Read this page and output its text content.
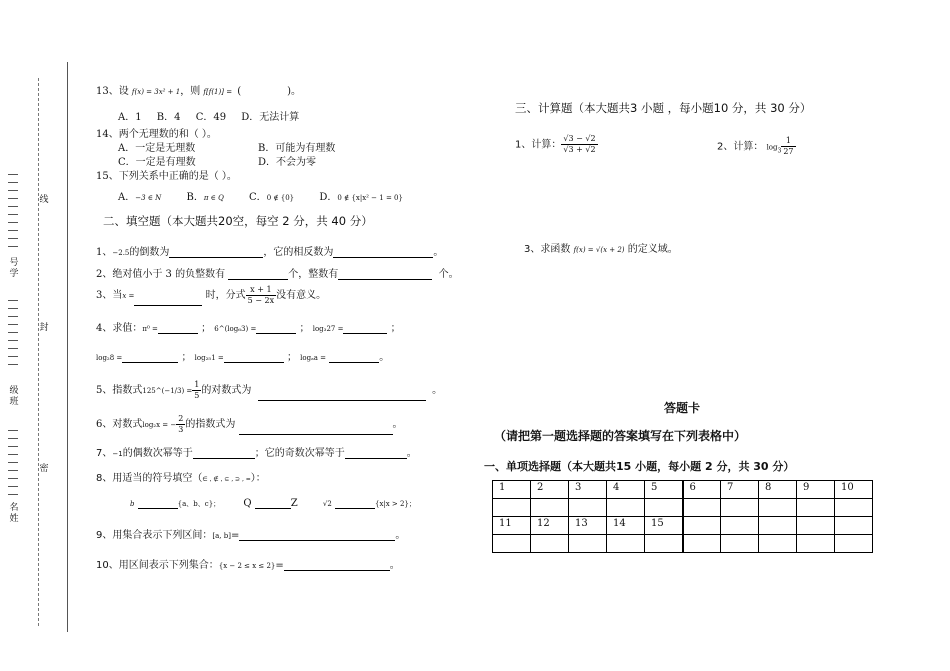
线
封
密
号学
级班
名姓
13、设 f(x) = 3x² + 1，则 f[f(1)] = (	)。
A．1 B．4 C．49 D．无法计算
14、两个无理数的和（ ）。
A．一定是无理数	B．可能为有理数
C．一定是有理数	D．不会为零
15、下列关系中正确的是（ ）。
A．−3 ∈ N	B．π ∈ Q	C．0 ∉ {0}	D．0 ∉ {x|x² − 1 = 0}
二、填空题（本大题共20空，每空 2 分，共 40 分）
1、−2.5的倒数为	，它的相反数为	。
2、绝对值小于 3 的负整数有	个，整数有	个。
3、当x =	时，分式 $\frac{x + 1}{5 - 2x}$ 没有意义。
4、求值：π⁰ =	； 6^(log₆3) =	； log₃27 =	；
log₂8 =	； log₂₅1 =	； logₐa =	。
5、指数式125^(−1/3) = $\frac{1}{5}$ 的对数式为	。
6、对数式log₂x = − $\frac{2}{3}$ 的指数式为	。
7、−1的偶数次幂等于	；它的奇数次幂等于	。
8、用适当的符号填空（∈ , ∉ , ⊆ , ⊇ , =）：
b	{a、b、c}； Q	Z	√2	{x|x > 2}；
9、用集合表示下列区间：[a, b]=	。
10、用区间表示下列集合：{x − 2 ≤ x ≤ 2}=	。
三、计算题（本大题共3 小题 ，每小题10 分，共 30 分）
1、计算： $\frac{√3 - √2}{√3 + √2}$	2、计算： $\log_3 \frac{1}{27}$
3、求函数 f(x) = √(x + 2) 的定义域。
答题卡
（请把第一题选择题的答案填写在下列表格中）
一、单项选择题（本大题共15 小题，每小题 2 分，共 30 分）
1	2	3	4	5	6	7	8	9	10

11	12	13	14	15					
